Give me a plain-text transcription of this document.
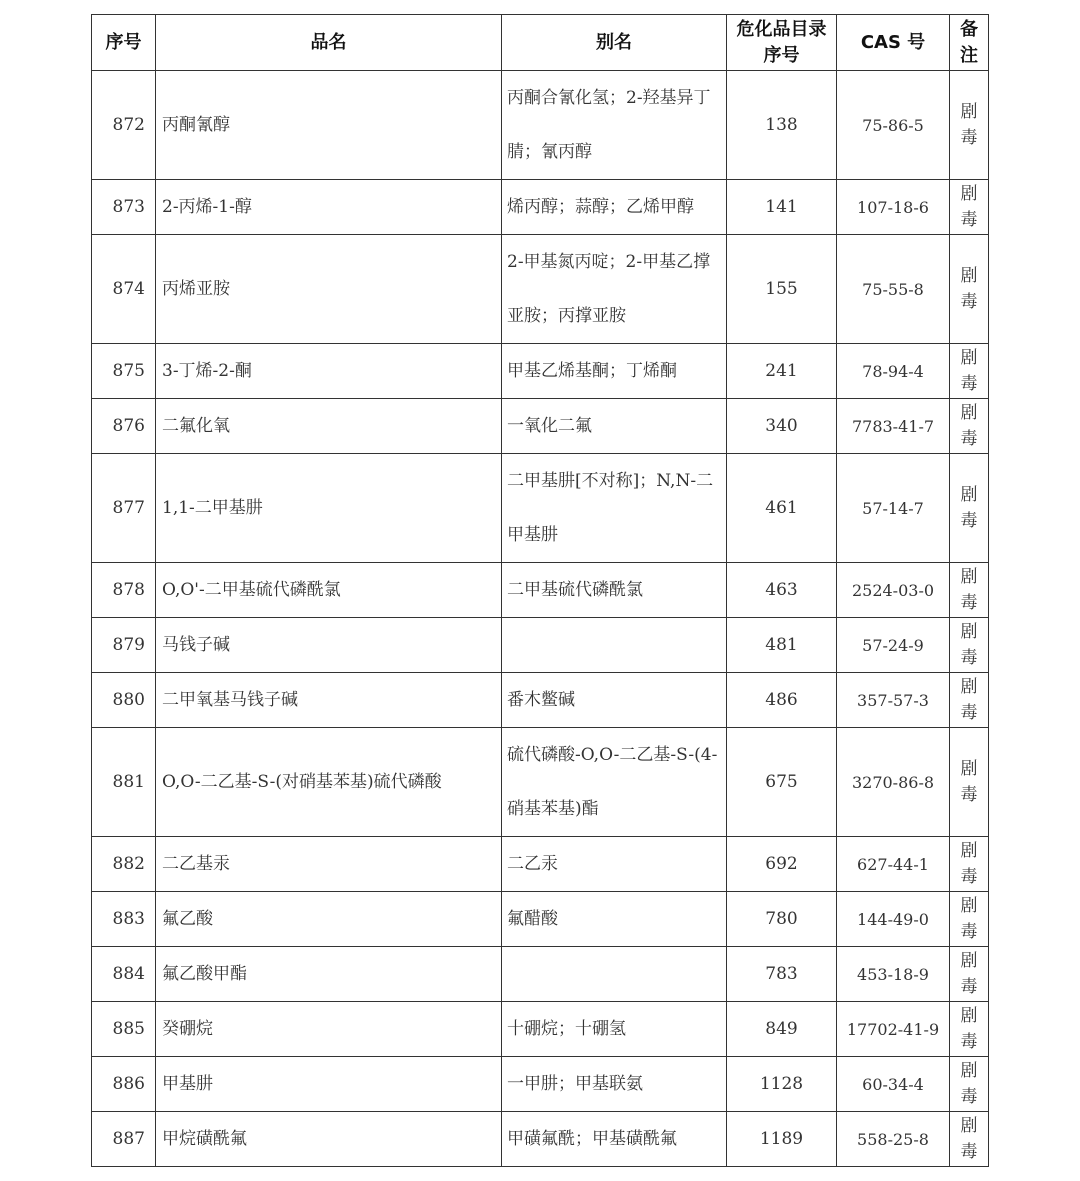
序号	品名	别名	危化品目录序号	CAS 号	备注
872	丙酮氰醇	丙酮合氰化氢；2-羟基异丁腈；氰丙醇	138	75-86-5	剧毒
873	2-丙烯-1-醇	烯丙醇；蒜醇；乙烯甲醇	141	107-18-6	剧毒
874	丙烯亚胺	2-甲基氮丙啶；2-甲基乙撑亚胺；丙撑亚胺	155	75-55-8	剧毒
875	3-丁烯-2-酮	甲基乙烯基酮；丁烯酮	241	78-94-4	剧毒
876	二氟化氧	一氧化二氟	340	7783-41-7	剧毒
877	1,1-二甲基肼	二甲基肼[不对称]；N,N-二甲基肼	461	57-14-7	剧毒
878	O,O'-二甲基硫代磷酰氯	二甲基硫代磷酰氯	463	2524-03-0	剧毒
879	马钱子碱		481	57-24-9	剧毒
880	二甲氧基马钱子碱	番木鳖碱	486	357-57-3	剧毒
881	O,O-二乙基-S-(对硝基苯基)硫代磷酸	硫代磷酸-O,O-二乙基-S-(4-硝基苯基)酯	675	3270-86-8	剧毒
882	二乙基汞	二乙汞	692	627-44-1	剧毒
883	氟乙酸	氟醋酸	780	144-49-0	剧毒
884	氟乙酸甲酯		783	453-18-9	剧毒
885	癸硼烷	十硼烷；十硼氢	849	17702-41-9	剧毒
886	甲基肼	一甲肼；甲基联氨	1128	60-34-4	剧毒
887	甲烷磺酰氟	甲磺氟酰；甲基磺酰氟	1189	558-25-8	剧毒
